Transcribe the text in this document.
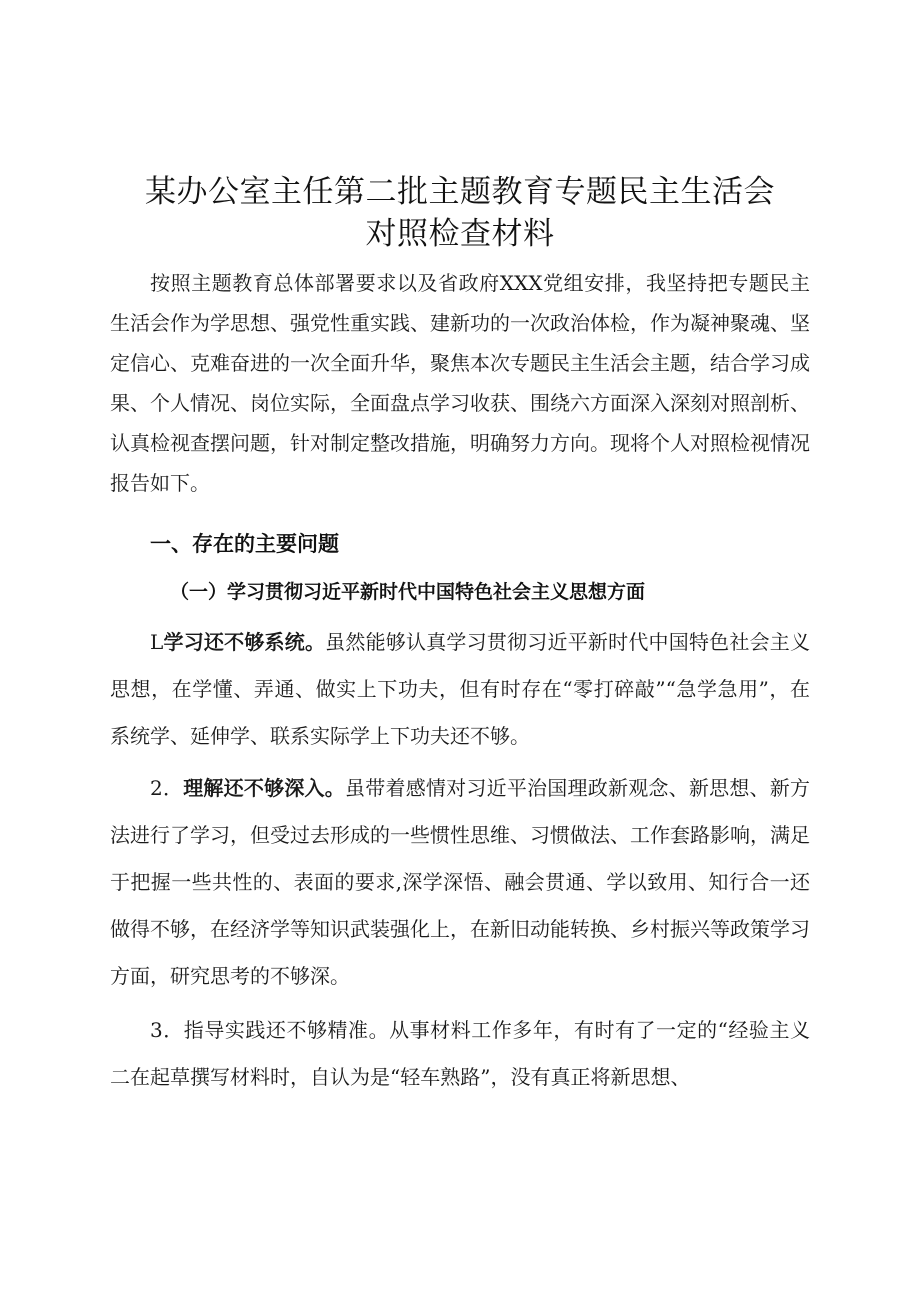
某办公室主任第二批主题教育专题民主生活会
对照检查材料

按照主题教育总体部署要求以及省政府XXX党组安排，我坚持把专题民主生活会作为学思想、强党性重实践、建新功的一次政治体检，作为凝神聚魂、坚定信心、克难奋进的一次全面升华，聚焦本次专题民主生活会主题，结合学习成果、个人情况、岗位实际，全面盘点学习收获、围绕六方面深入深刻对照剖析、认真检视查摆问题，针对制定整改措施，明确努力方向。现将个人对照检视情况报告如下。

一、存在的主要问题
（一）学习贯彻习近平新时代中国特色社会主义思想方面

L学习还不够系统。虽然能够认真学习贯彻习近平新时代中国特色社会主义思想，在学懂、弄通、做实上下功夫，但有时存在“零打碎敲”“急学急用”，在系统学、延伸学、联系实际学上下功夫还不够。

2．理解还不够深入。虽带着感情对习近平治国理政新观念、新思想、新方法进行了学习，但受过去形成的一些惯性思维、习惯做法、工作套路影响，满足于把握一些共性的、表面的要求,深学深悟、融会贯通、学以致用、知行合一还做得不够，在经济学等知识武装强化上，在新旧动能转换、乡村振兴等政策学习方面，研究思考的不够深。

3．指导实践还不够精准。从事材料工作多年，有时有了一定的“经验主义二在起草撰写材料时，自认为是“轻车熟路”，没有真正将新思想、
